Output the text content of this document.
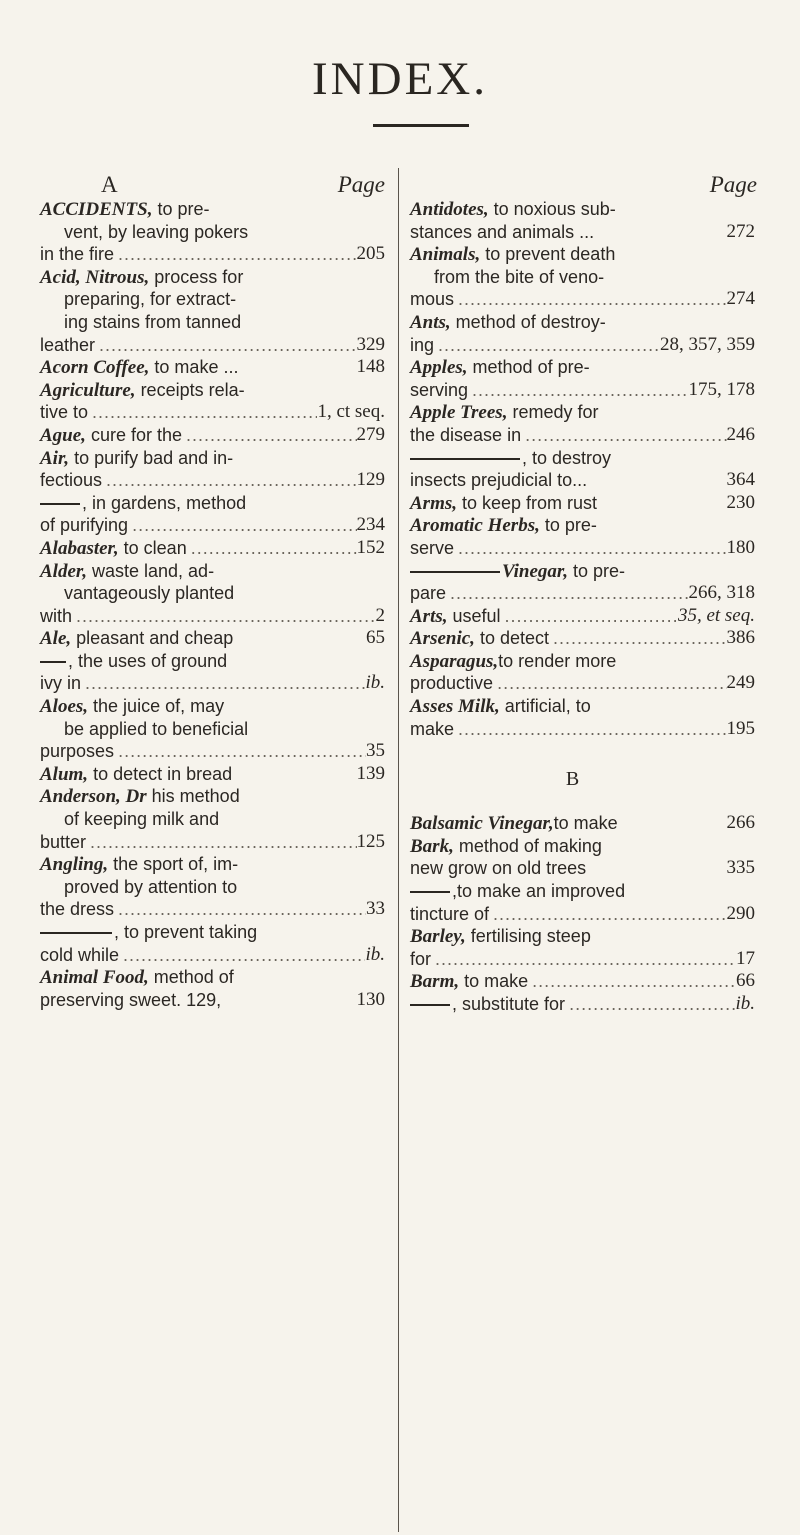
INDEX.
A	Page
ACCIDENTS, to pre-
vent, by leaving pokers
in the fire .....	205
Acid, Nitrous, process for
preparing, for extract-
ing stains from tanned
leather .....	329
Acorn Coffee, to make ...	148
Agriculture, receipts rela-
tive to .....	1, ct seq.
Ague, cure for the .....	279
Air, to purify bad and in-
fectious .....	129
, in gardens, method
of purifying .....	234
Alabaster, to clean .....	152
Alder, waste land, ad-
vantageously planted
with .....	2
Ale, pleasant and cheap	65
, the uses of ground
ivy in .....	ib.
Aloes, the juice of, may
be applied to beneficial
purposes .....	35
Alum, to detect in bread	139
Anderson, Dr his method
of keeping milk and
butter .....	125
Angling, the sport of, im-
proved by attention to
the dress .....	33
, to prevent taking
cold while .....	ib.
Animal Food, method of
preserving sweet. 129,	130
Page
Antidotes, to noxious sub-
stances and animals ...	272
Animals, to prevent death
from the bite of veno-
mous .....	274
Ants, method of destroy-
ing .....	28, 357, 359
Apples, method of pre-
serving .....	175, 178
Apple Trees, remedy for
the disease in .....	246
, to destroy
insects prejudicial to...	364
Arms, to keep from rust	230
Aromatic Herbs, to pre-
serve .....	180
Vinegar, to pre-
pare .....	266, 318
Arts, useful .....	35, et seq.
Arsenic, to detect .....	386
Asparagus,to render more
productive .....	249
Asses Milk, artificial, to
make .....	195
B
Balsamic Vinegar,to make	266
Bark, method of making
new grow on old trees	335
,to make an improved
tincture of .....	290
Barley, fertilising steep
for .....	17
Barm, to make .....	66
, substitute for .....	ib.
